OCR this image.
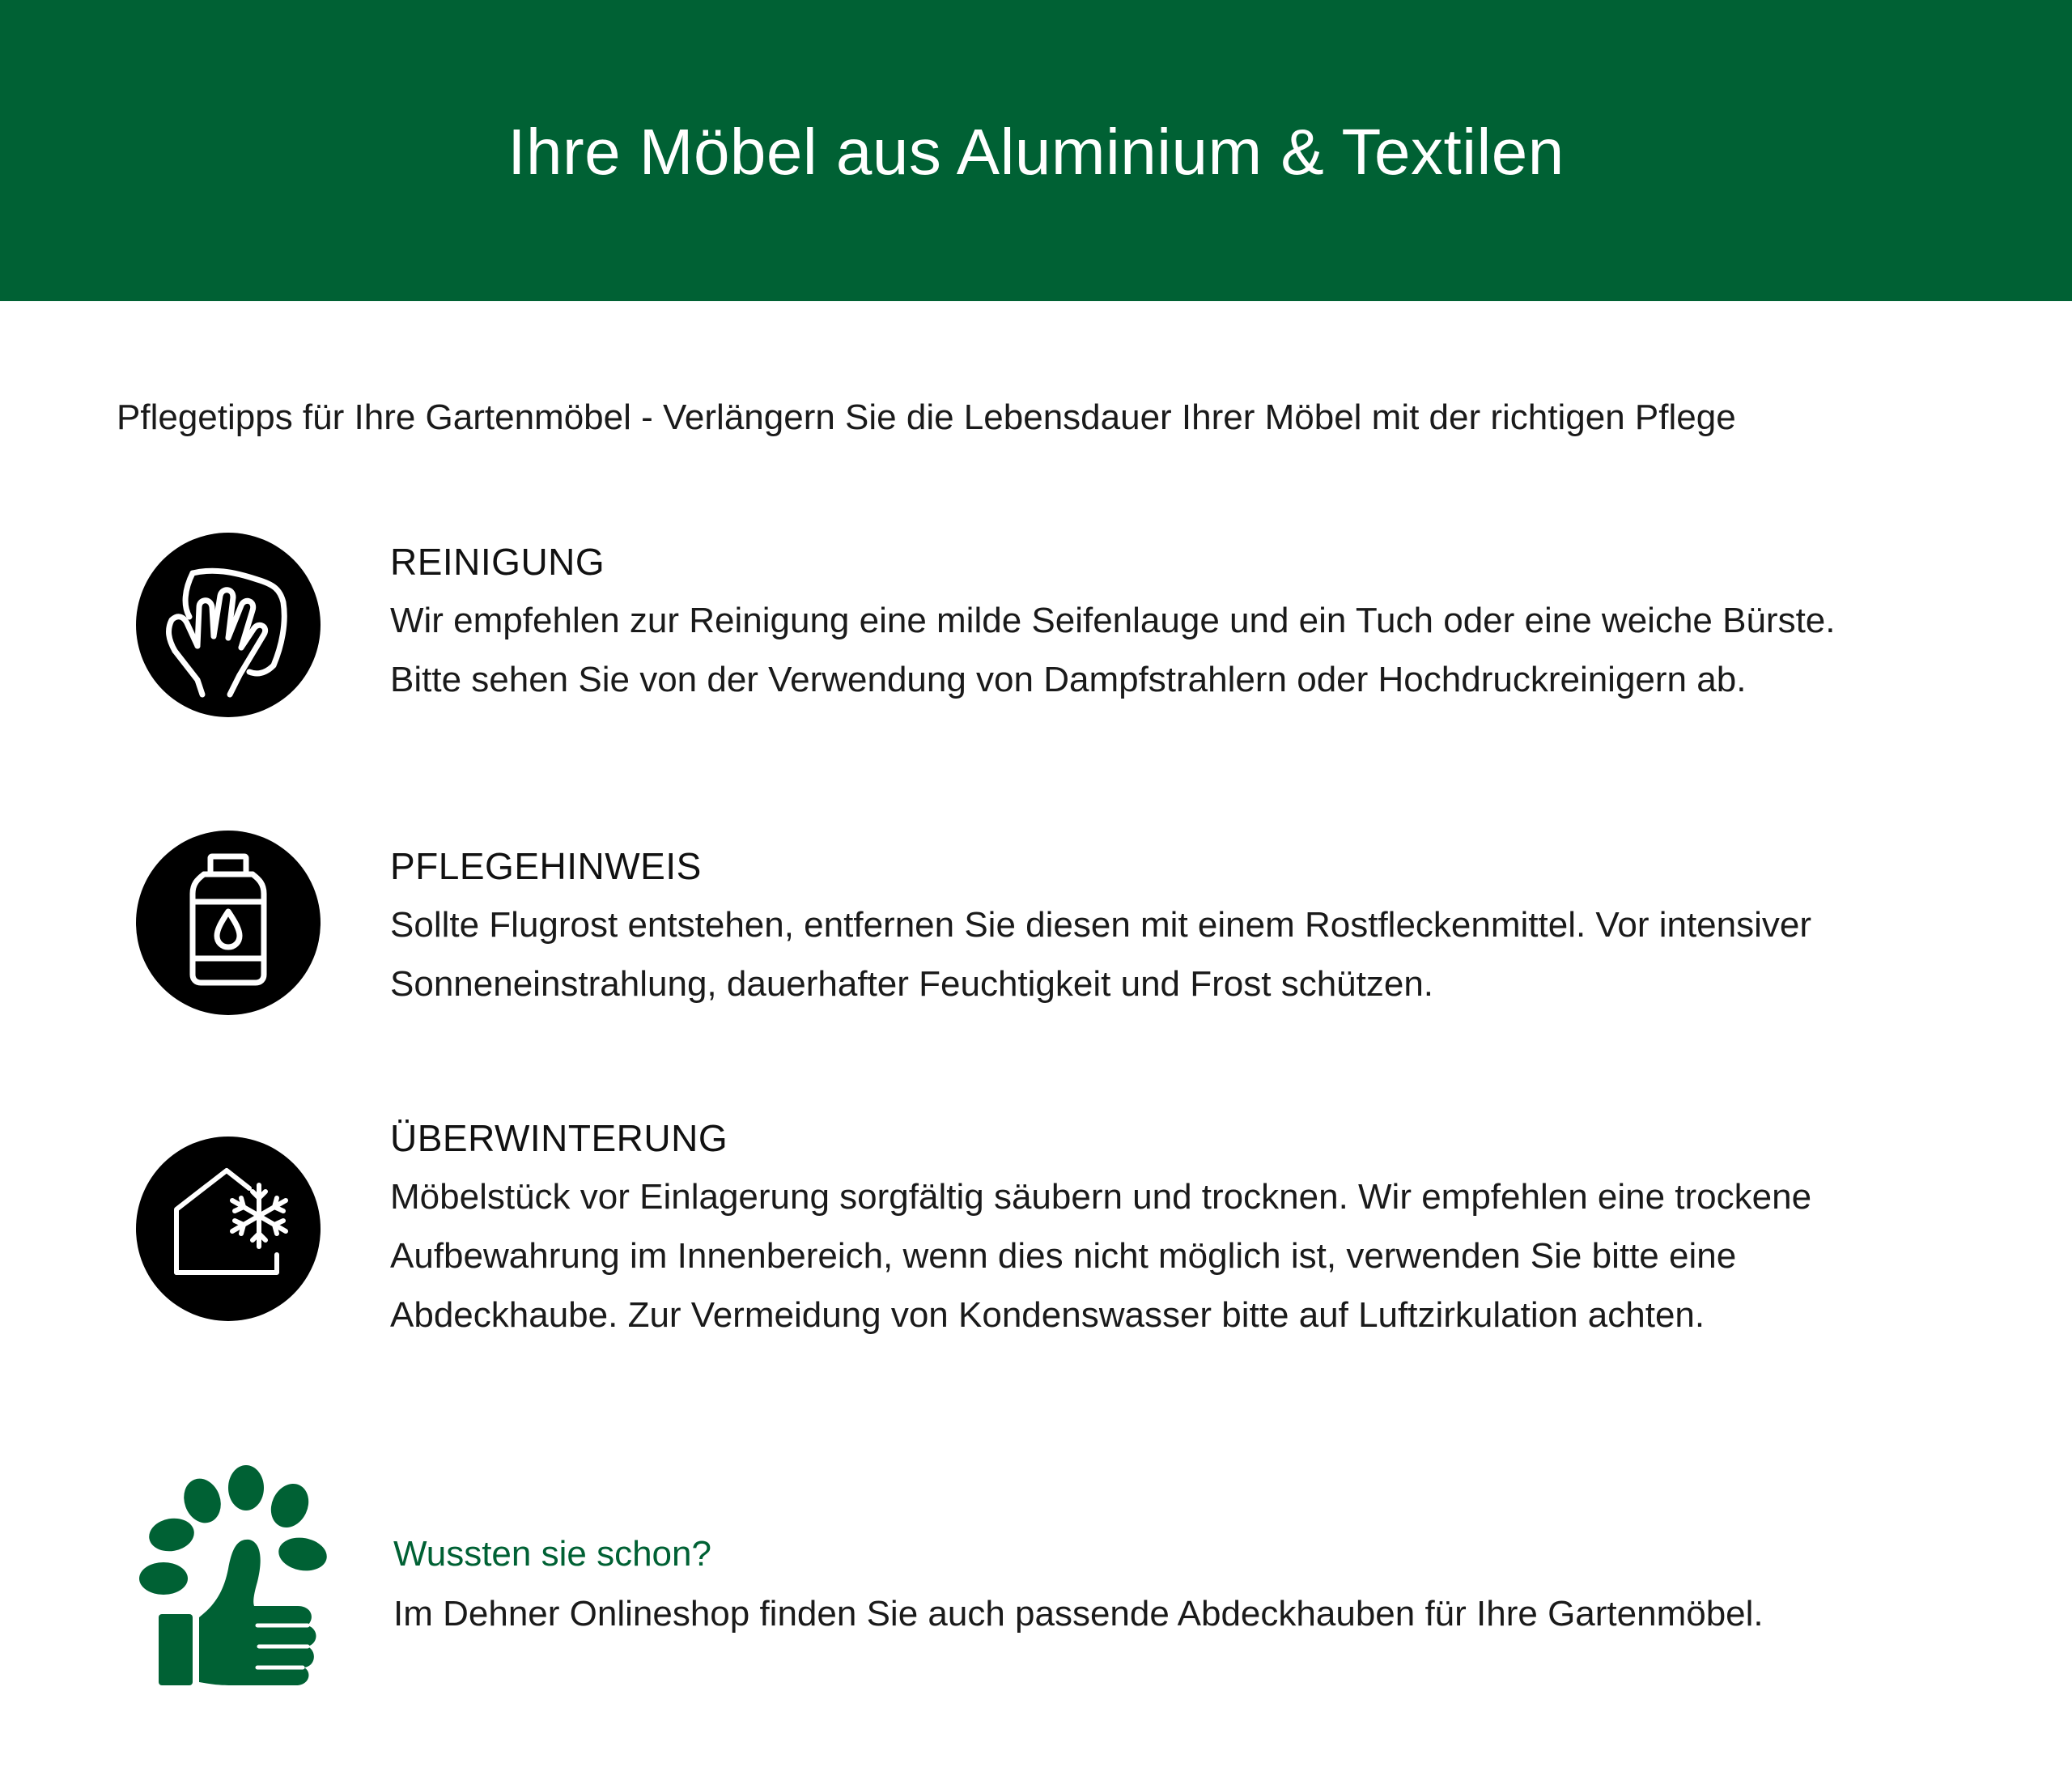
Ihre Möbel aus Aluminium & Textilen

Pflegetipps für Ihre Gartenmöbel - Verlängern Sie die Lebensdauer Ihrer Möbel mit der richtigen Pflege

REINIGUNG

Wir empfehlen zur Reinigung eine milde Seifenlauge und ein Tuch oder eine weiche Bürste.

Bitte sehen Sie von der Verwendung von Dampfstrahlern oder Hochdruckreinigern ab.

PFLEGEHINWEIS

Sollte Flugrost entstehen, entfernen Sie diesen mit einem Rostfleckenmittel. Vor intensiver

Sonneneinstrahlung, dauerhafter Feuchtigkeit und Frost schützen.

ÜBERWINTERUNG

Möbelstück vor Einlagerung sorgfältig säubern und trocknen. Wir empfehlen eine trockene

Aufbewahrung im Innenbereich, wenn dies nicht möglich ist, verwenden Sie bitte eine

Abdeckhaube. Zur Vermeidung von Kondenswasser bitte auf Luftzirkulation achten.

Wussten sie schon?

Im Dehner Onlineshop finden Sie auch passende Abdeckhauben für Ihre Gartenmöbel.
